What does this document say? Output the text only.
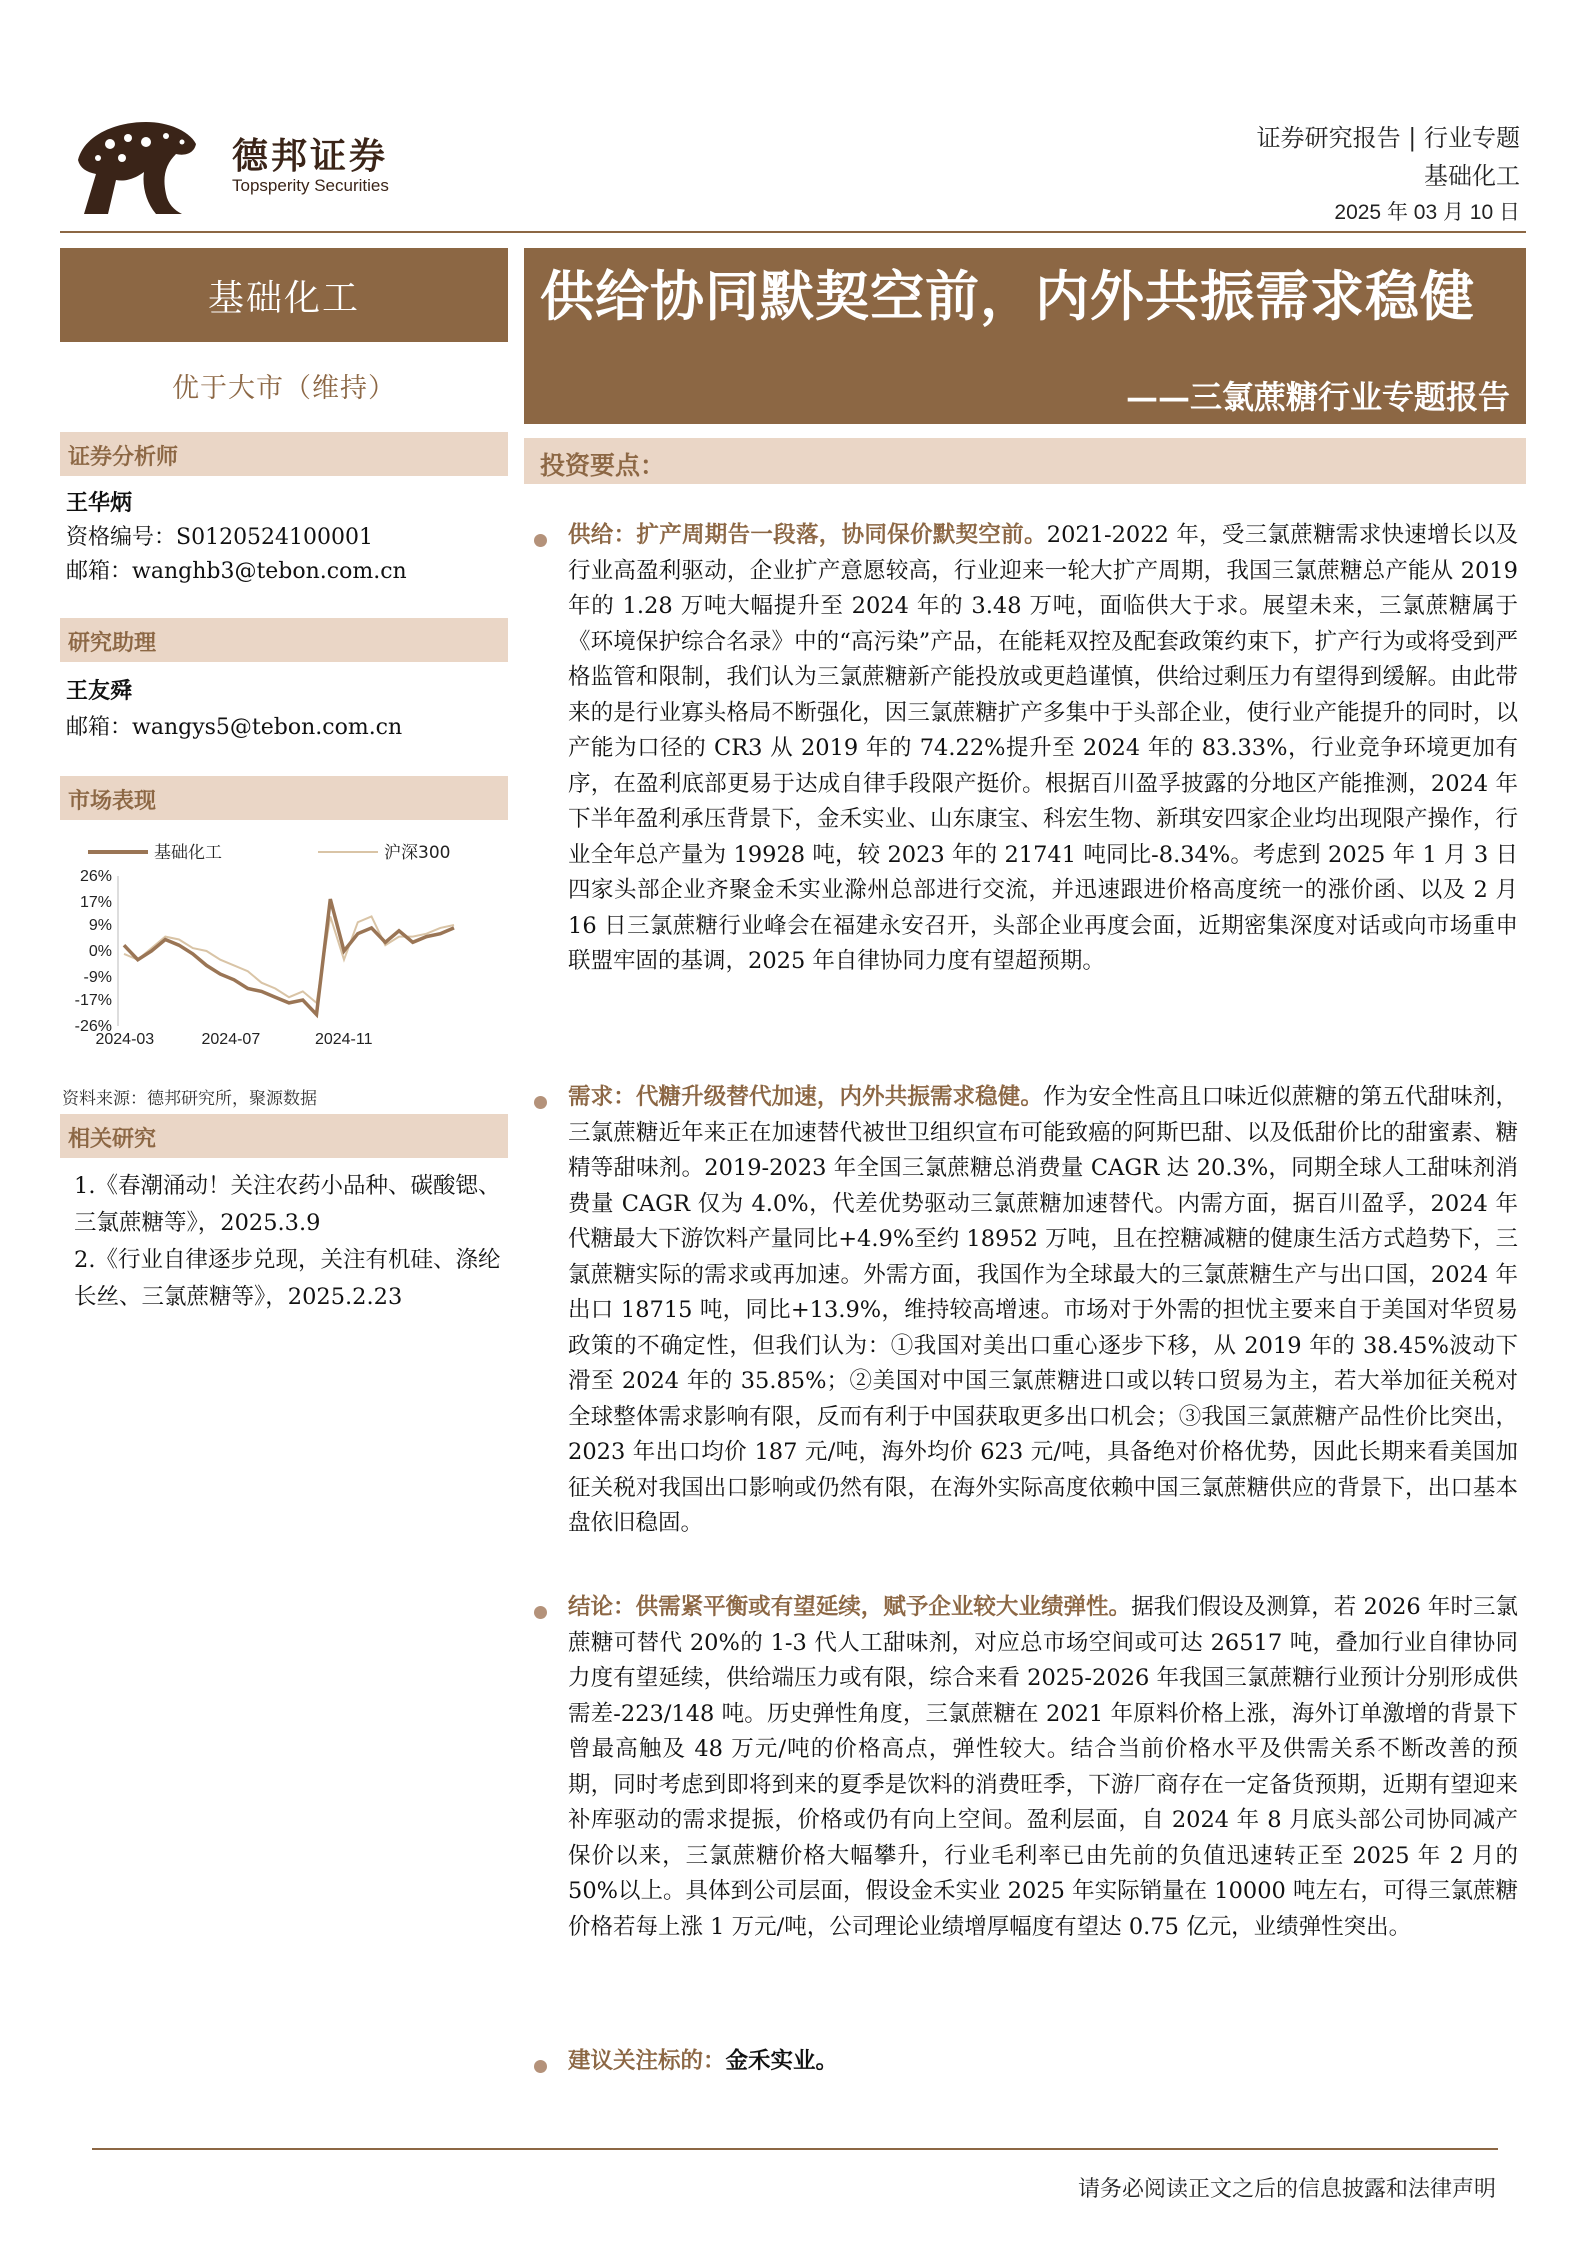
德邦证券
Topsperity Securities
证券研究报告 | 行业专题
基础化工
2025 年 03 月 10 日
基础化工
优于大市（维持）
证券分析师
王华炳
资格编号：S0120524100001
邮箱：wanghb3@tebon.com.cn
研究助理
王友舜
邮箱：wangys5@tebon.com.cn
市场表现
26%
17%
9%
0%
-9%
-17%
-26%
2024-03	2024-07	2024-11
基础化工	沪深300
资料来源：德邦研究所，聚源数据
相关研究
1.《春潮涌动！关注农药小品种、碳酸锶、三氯蔗糖等》，2025.3.9
2.《行业自律逐步兑现，关注有机硅、涤纶长丝、三氯蔗糖等》，2025.2.23
供给协同默契空前，内外共振需求稳健
——三氯蔗糖行业专题报告
投资要点：
供给：扩产周期告一段落，协同保价默契空前。2021-2022 年，受三氯蔗糖需求快速增长以及行业高盈利驱动，企业扩产意愿较高，行业迎来一轮大扩产周期，我国三氯蔗糖总产能从 2019 年的 1.28 万吨大幅提升至 2024 年的 3.48 万吨，面临供大于求。展望未来，三氯蔗糖属于《环境保护综合名录》中的“高污染”产品，在能耗双控及配套政策约束下，扩产行为或将受到严格监管和限制，我们认为三氯蔗糖新产能投放或更趋谨慎，供给过剩压力有望得到缓解。由此带来的是行业寡头格局不断强化，因三氯蔗糖扩产多集中于头部企业，使行业产能提升的同时，以产能为口径的 CR3 从 2019 年的 74.22%提升至 2024 年的 83.33%，行业竞争环境更加有序，在盈利底部更易于达成自律手段限产挺价。根据百川盈孚披露的分地区产能推测，2024 年下半年盈利承压背景下，金禾实业、山东康宝、科宏生物、新琪安四家企业均出现限产操作，行业全年总产量为 19928 吨，较 2023 年的 21741 吨同比-8.34%。考虑到 2025 年 1 月 3 日四家头部企业齐聚金禾实业滁州总部进行交流，并迅速跟进价格高度统一的涨价函、以及 2 月 16 日三氯蔗糖行业峰会在福建永安召开，头部企业再度会面，近期密集深度对话或向市场重申联盟牢固的基调，2025 年自律协同力度有望超预期。
需求：代糖升级替代加速，内外共振需求稳健。作为安全性高且口味近似蔗糖的第五代甜味剂，三氯蔗糖近年来正在加速替代被世卫组织宣布可能致癌的阿斯巴甜、以及低甜价比的甜蜜素、糖精等甜味剂。2019-2023 年全国三氯蔗糖总消费量 CAGR 达 20.3%，同期全球人工甜味剂消费量 CAGR 仅为 4.0%，代差优势驱动三氯蔗糖加速替代。内需方面，据百川盈孚，2024 年代糖最大下游饮料产量同比+4.9%至约 18952 万吨，且在控糖减糖的健康生活方式趋势下，三氯蔗糖实际的需求或再加速。外需方面，我国作为全球最大的三氯蔗糖生产与出口国，2024 年出口 18715 吨，同比+13.9%，维持较高增速。市场对于外需的担忧主要来自于美国对华贸易政策的不确定性，但我们认为：①我国对美出口重心逐步下移，从 2019 年的 38.45%波动下滑至 2024 年的 35.85%；②美国对中国三氯蔗糖进口或以转口贸易为主，若大举加征关税对全球整体需求影响有限，反而有利于中国获取更多出口机会；③我国三氯蔗糖产品性价比突出，2023 年出口均价 187 元/吨，海外均价 623 元/吨，具备绝对价格优势，因此长期来看美国加征关税对我国出口影响或仍然有限，在海外实际高度依赖中国三氯蔗糖供应的背景下，出口基本盘依旧稳固。
结论：供需紧平衡或有望延续，赋予企业较大业绩弹性。据我们假设及测算，若 2026 年时三氯蔗糖可替代 20%的 1-3 代人工甜味剂，对应总市场空间或可达 26517 吨，叠加行业自律协同力度有望延续，供给端压力或有限，综合来看 2025-2026 年我国三氯蔗糖行业预计分别形成供需差-223/148 吨。历史弹性角度，三氯蔗糖在 2021 年原料价格上涨，海外订单激增的背景下曾最高触及 48 万元/吨的价格高点，弹性较大。结合当前价格水平及供需关系不断改善的预期，同时考虑到即将到来的夏季是饮料的消费旺季，下游厂商存在一定备货预期，近期有望迎来补库驱动的需求提振，价格或仍有向上空间。盈利层面，自 2024 年 8 月底头部公司协同减产保价以来，三氯蔗糖价格大幅攀升，行业毛利率已由先前的负值迅速转正至 2025 年 2 月的 50%以上。具体到公司层面，假设金禾实业 2025 年实际销量在 10000 吨左右，可得三氯蔗糖价格若每上涨 1 万元/吨，公司理论业绩增厚幅度有望达 0.75 亿元，业绩弹性突出。
建议关注标的：金禾实业。
请务必阅读正文之后的信息披露和法律声明
